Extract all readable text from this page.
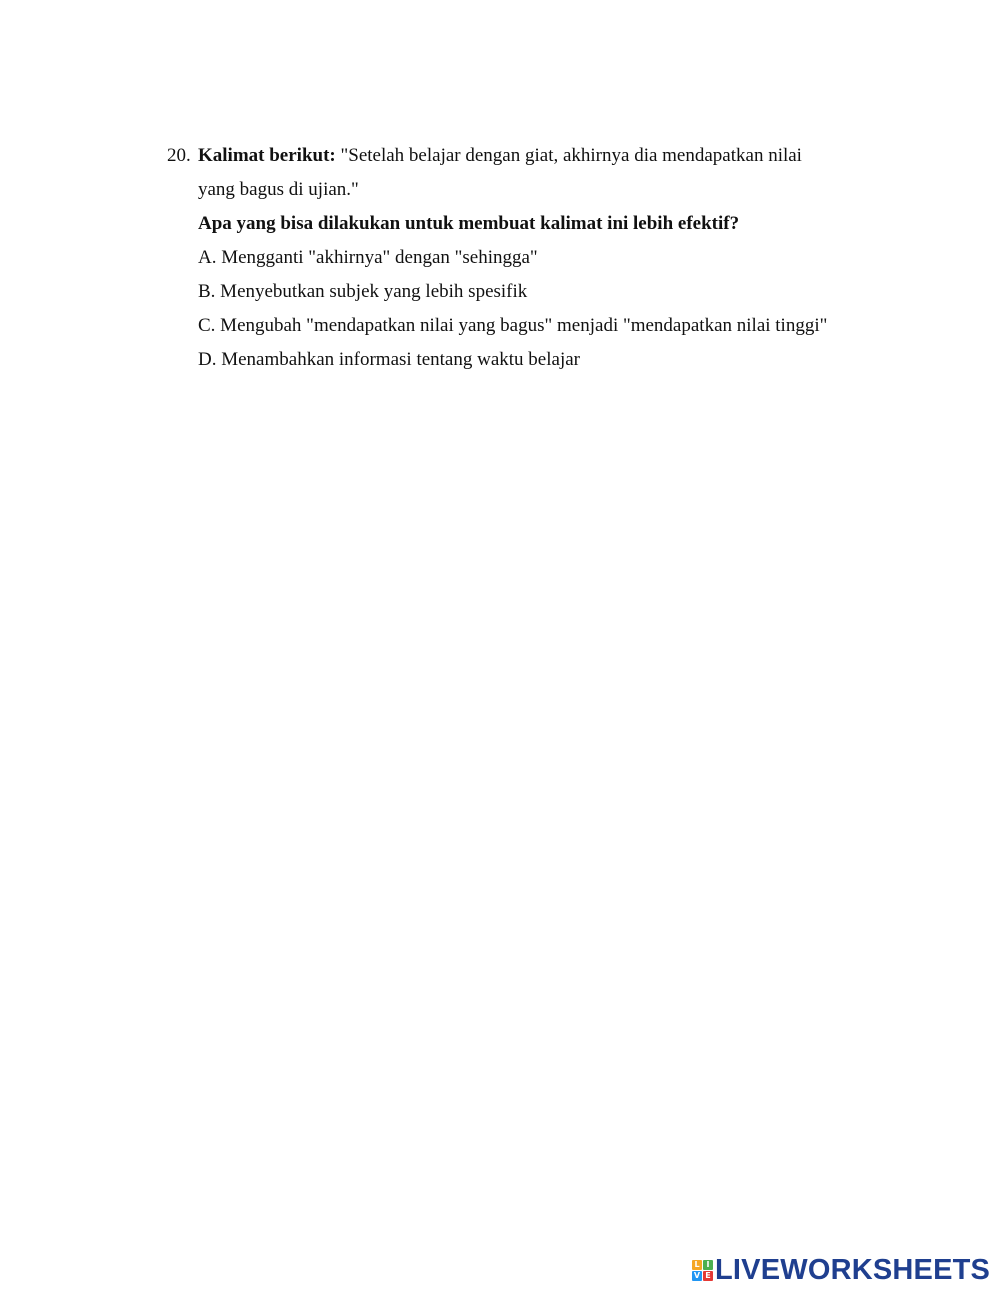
20. Kalimat berikut: "Setelah belajar dengan giat, akhirnya dia mendapatkan nilai yang bagus di ujian."
Apa yang bisa dilakukan untuk membuat kalimat ini lebih efektif?
A. Mengganti "akhirnya" dengan "sehingga"
B. Menyebutkan subjek yang lebih spesifik
C. Mengubah "mendapatkan nilai yang bagus" menjadi "mendapatkan nilai tinggi"
D. Menambahkan informasi tentang waktu belajar
L I
V E LIVEWORKSHEETS
